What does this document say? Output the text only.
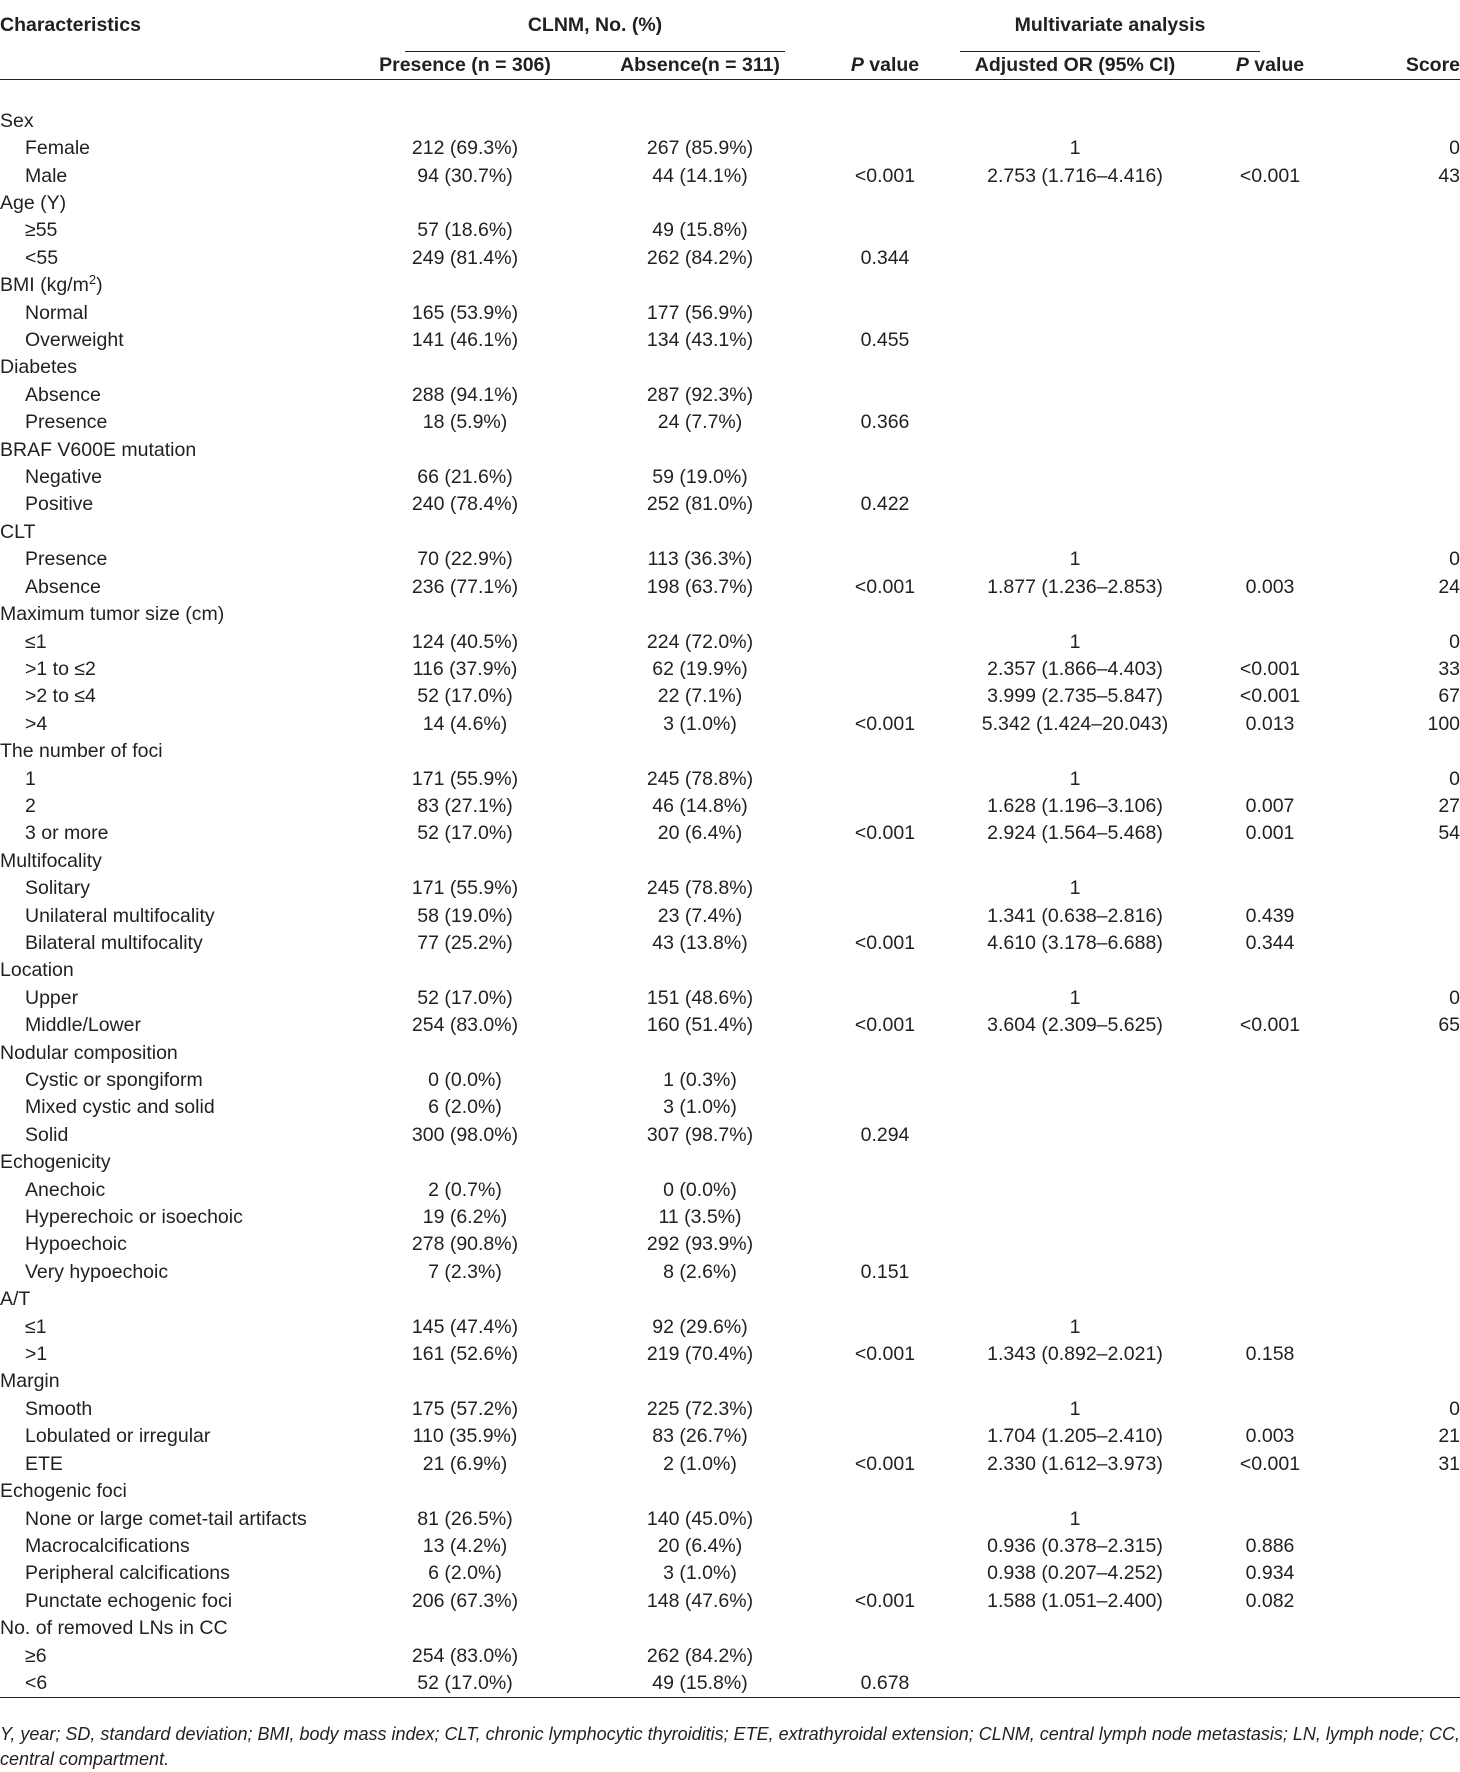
Characteristics	CLNM, No. (%)			Multivariate analysis		

	Presence (n = 306)	Absence(n = 311)	P value	Adjusted OR (95% CI)	P value	Score

Sex						
Female	212 (69.3%)	267 (85.9%)		1		0
Male	94 (30.7%)	44 (14.1%)	<0.001	2.753 (1.716–4.416)	<0.001	43
Age (Y)						
≥55	57 (18.6%)	49 (15.8%)				
<55	249 (81.4%)	262 (84.2%)	0.344			
BMI $(kg/m^2)$						
Normal	165 (53.9%)	177 (56.9%)				
Overweight	141 (46.1%)	134 (43.1%)	0.455			
Diabetes						
Absence	288 (94.1%)	287 (92.3%)				
Presence	18 (5.9%)	24 (7.7%)	0.366			
BRAF V600E mutation						
Negative	66 (21.6%)	59 (19.0%)				
Positive	240 (78.4%)	252 (81.0%)	0.422			
CLT						
Presence	70 (22.9%)	113 (36.3%)		1		0
Absence	236 (77.1%)	198 (63.7%)	<0.001	1.877 (1.236–2.853)	0.003	24
Maximum tumor size (cm)						
≤1	124 (40.5%)	224 (72.0%)		1		0
>1 to ≤2	116 (37.9%)	62 (19.9%)		2.357 (1.866–4.403)	<0.001	33
>2 to ≤4	52 (17.0%)	22 (7.1%)		3.999 (2.735–5.847)	<0.001	67
>4	14 (4.6%)	3 (1.0%)	<0.001	5.342 (1.424–20.043)	0.013	100
The number of foci						
1	171 (55.9%)	245 (78.8%)		1		0
2	83 (27.1%)	46 (14.8%)		1.628 (1.196–3.106)	0.007	27
3 or more	52 (17.0%)	20 (6.4%)	<0.001	2.924 (1.564–5.468)	0.001	54
Multifocality						
Solitary	171 (55.9%)	245 (78.8%)		1		
Unilateral multifocality	58 (19.0%)	23 (7.4%)		1.341 (0.638–2.816)	0.439	
Bilateral multifocality	77 (25.2%)	43 (13.8%)	<0.001	4.610 (3.178–6.688)	0.344	
Location						
Upper	52 (17.0%)	151 (48.6%)		1		0
Middle/Lower	254 (83.0%)	160 (51.4%)	<0.001	3.604 (2.309–5.625)	<0.001	65
Nodular composition						
Cystic or spongiform	0 (0.0%)	1 (0.3%)				
Mixed cystic and solid	6 (2.0%)	3 (1.0%)				
Solid	300 (98.0%)	307 (98.7%)	0.294			
Echogenicity						
Anechoic	2 (0.7%)	0 (0.0%)				
Hyperechoic or isoechoic	19 (6.2%)	11 (3.5%)				
Hypoechoic	278 (90.8%)	292 (93.9%)				
Very hypoechoic	7 (2.3%)	8 (2.6%)	0.151			
A/T						
≤1	145 (47.4%)	92 (29.6%)		1		
>1	161 (52.6%)	219 (70.4%)	<0.001	1.343 (0.892–2.021)	0.158	
Margin						
Smooth	175 (57.2%)	225 (72.3%)		1		0
Lobulated or irregular	110 (35.9%)	83 (26.7%)		1.704 (1.205–2.410)	0.003	21
ETE	21 (6.9%)	2 (1.0%)	<0.001	2.330 (1.612–3.973)	<0.001	31
Echogenic foci						
None or large comet-tail artifacts	81 (26.5%)	140 (45.0%)		1		
Macrocalcifications	13 (4.2%)	20 (6.4%)		0.936 (0.378–2.315)	0.886	
Peripheral calcifications	6 (2.0%)	3 (1.0%)		0.938 (0.207–4.252)	0.934	
Punctate echogenic foci	206 (67.3%)	148 (47.6%)	<0.001	1.588 (1.051–2.400)	0.082	
No. of removed LNs in CC						
≥6	254 (83.0%)	262 (84.2%)				
<6	52 (17.0%)	49 (15.8%)	0.678			
Y, year; SD, standard deviation; BMI, body mass index; CLT, chronic lymphocytic thyroiditis; ETE, extrathyroidal extension; CLNM, central lymph node metastasis; LN, lymph node; CC, central compartment.
